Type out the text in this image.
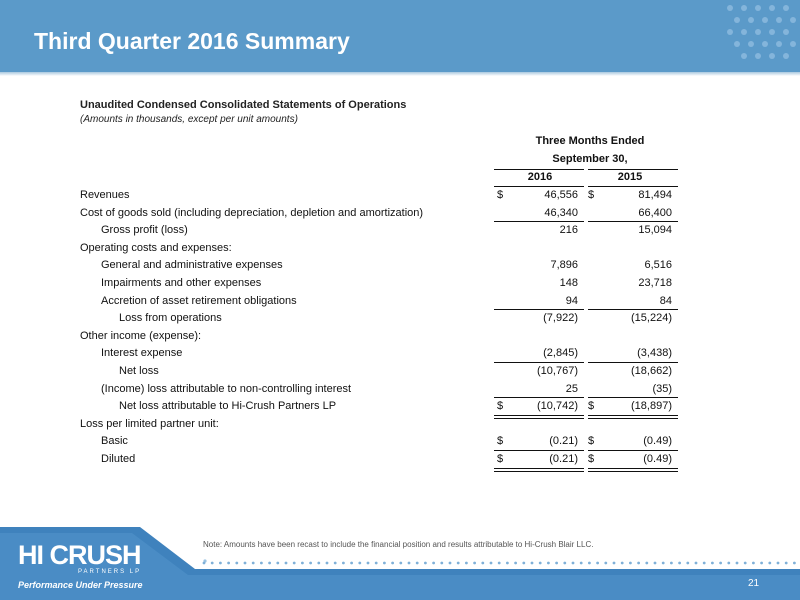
Third Quarter 2016 Summary
Unaudited Condensed Consolidated Statements of Operations
(Amounts in thousands, except per unit amounts)
Three Months Ended
September 30,
2016	2015
Revenues	$	46,556 $	81,494
Cost of goods sold (including depreciation, depletion and amortization)	46,340	66,400
Gross profit (loss)	216	15,094
Operating costs and expenses:
General and administrative expenses	7,896	6,516
Impairments and other expenses	148	23,718
Accretion of asset retirement obligations	94	84
Loss from operations	(7,922)	(15,224)
Other income (expense):
Interest expense	(2,845)	(3,438)
Net loss	(10,767)	(18,662)
(Income) loss attributable to non-controlling interest	25	(35)
Net loss attributable to Hi-Crush Partners LP	$	(10,742) $	(18,897)
Loss per limited partner unit:
Basic	$	(0.21) $	(0.49)
Diluted	$	(0.21) $	(0.49)
Note: Amounts have been recast to include the financial position and results attributable to Hi-Crush Blair LLC.
HI CRUSH
PARTNERS LP
Performance Under Pressure	21
